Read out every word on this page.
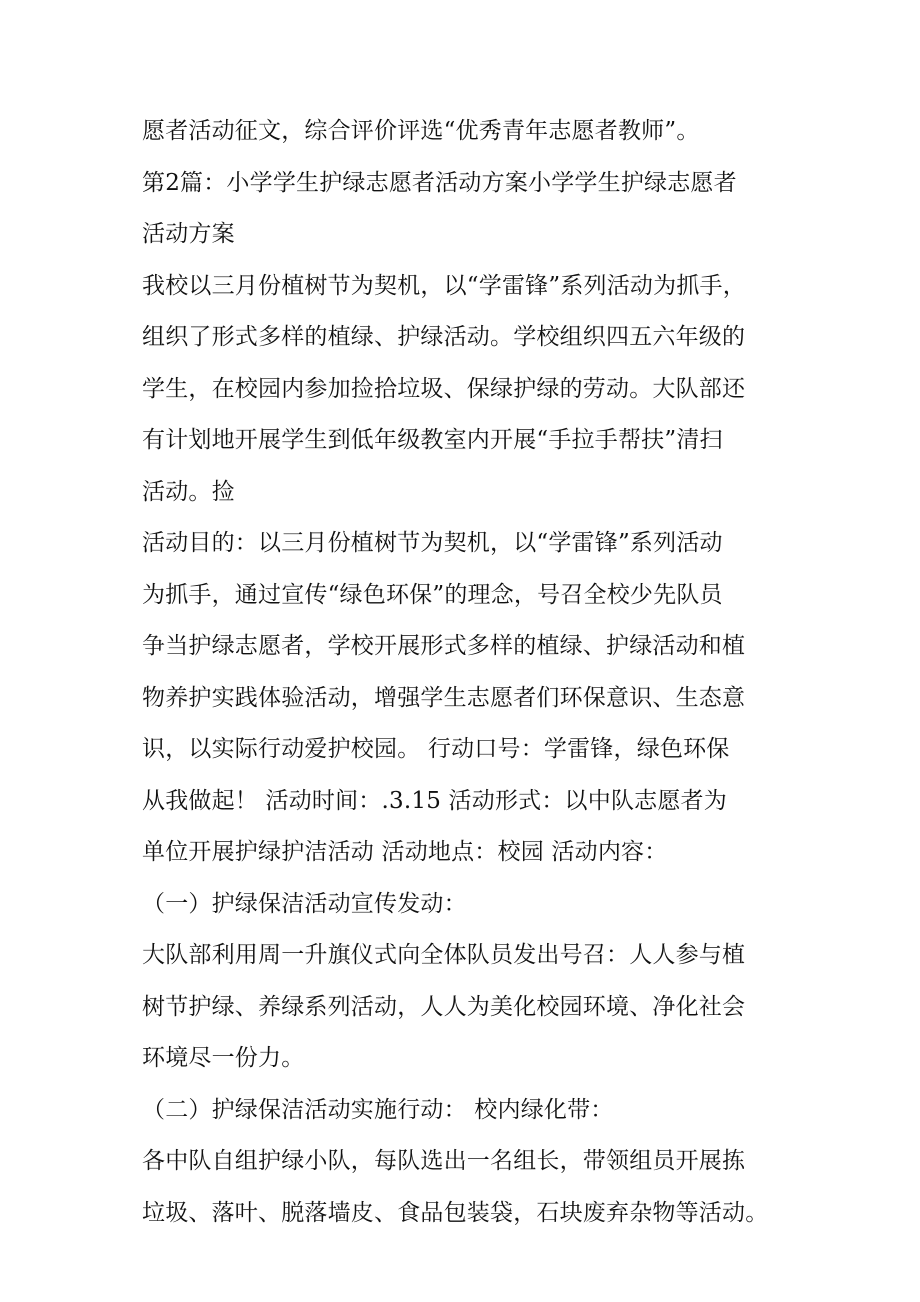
愿者活动征文，综合评价评选“优秀青年志愿者教师”。
第2篇：小学学生护绿志愿者活动方案小学学生护绿志愿者
活动方案
我校以三月份植树节为契机，以“学雷锋”系列活动为抓手，
组织了形式多样的植绿、护绿活动。学校组织四五六年级的
学生，在校园内参加捡拾垃圾、保绿护绿的劳动。大队部还
有计划地开展学生到低年级教室内开展“手拉手帮扶”清扫
活动。捡
活动目的：以三月份植树节为契机，以“学雷锋”系列活动
为抓手，通过宣传“绿色环保”的理念，号召全校少先队员
争当护绿志愿者，学校开展形式多样的植绿、护绿活动和植
物养护实践体验活动，增强学生志愿者们环保意识、生态意
识，以实际行动爱护校园。 行动口号：学雷锋，绿色环保
从我做起！ 活动时间：.3.15 活动形式：以中队志愿者为
单位开展护绿护洁活动 活动地点：校园 活动内容：
（一）护绿保洁活动宣传发动：
大队部利用周一升旗仪式向全体队员发出号召：人人参与植
树节护绿、养绿系列活动，人人为美化校园环境、净化社会
环境尽一份力。
（二）护绿保洁活动实施行动： 校内绿化带：
各中队自组护绿小队，每队选出一名组长，带领组员开展拣
垃圾、落叶、脱落墙皮、食品包装袋，石块废弃杂物等活动。
